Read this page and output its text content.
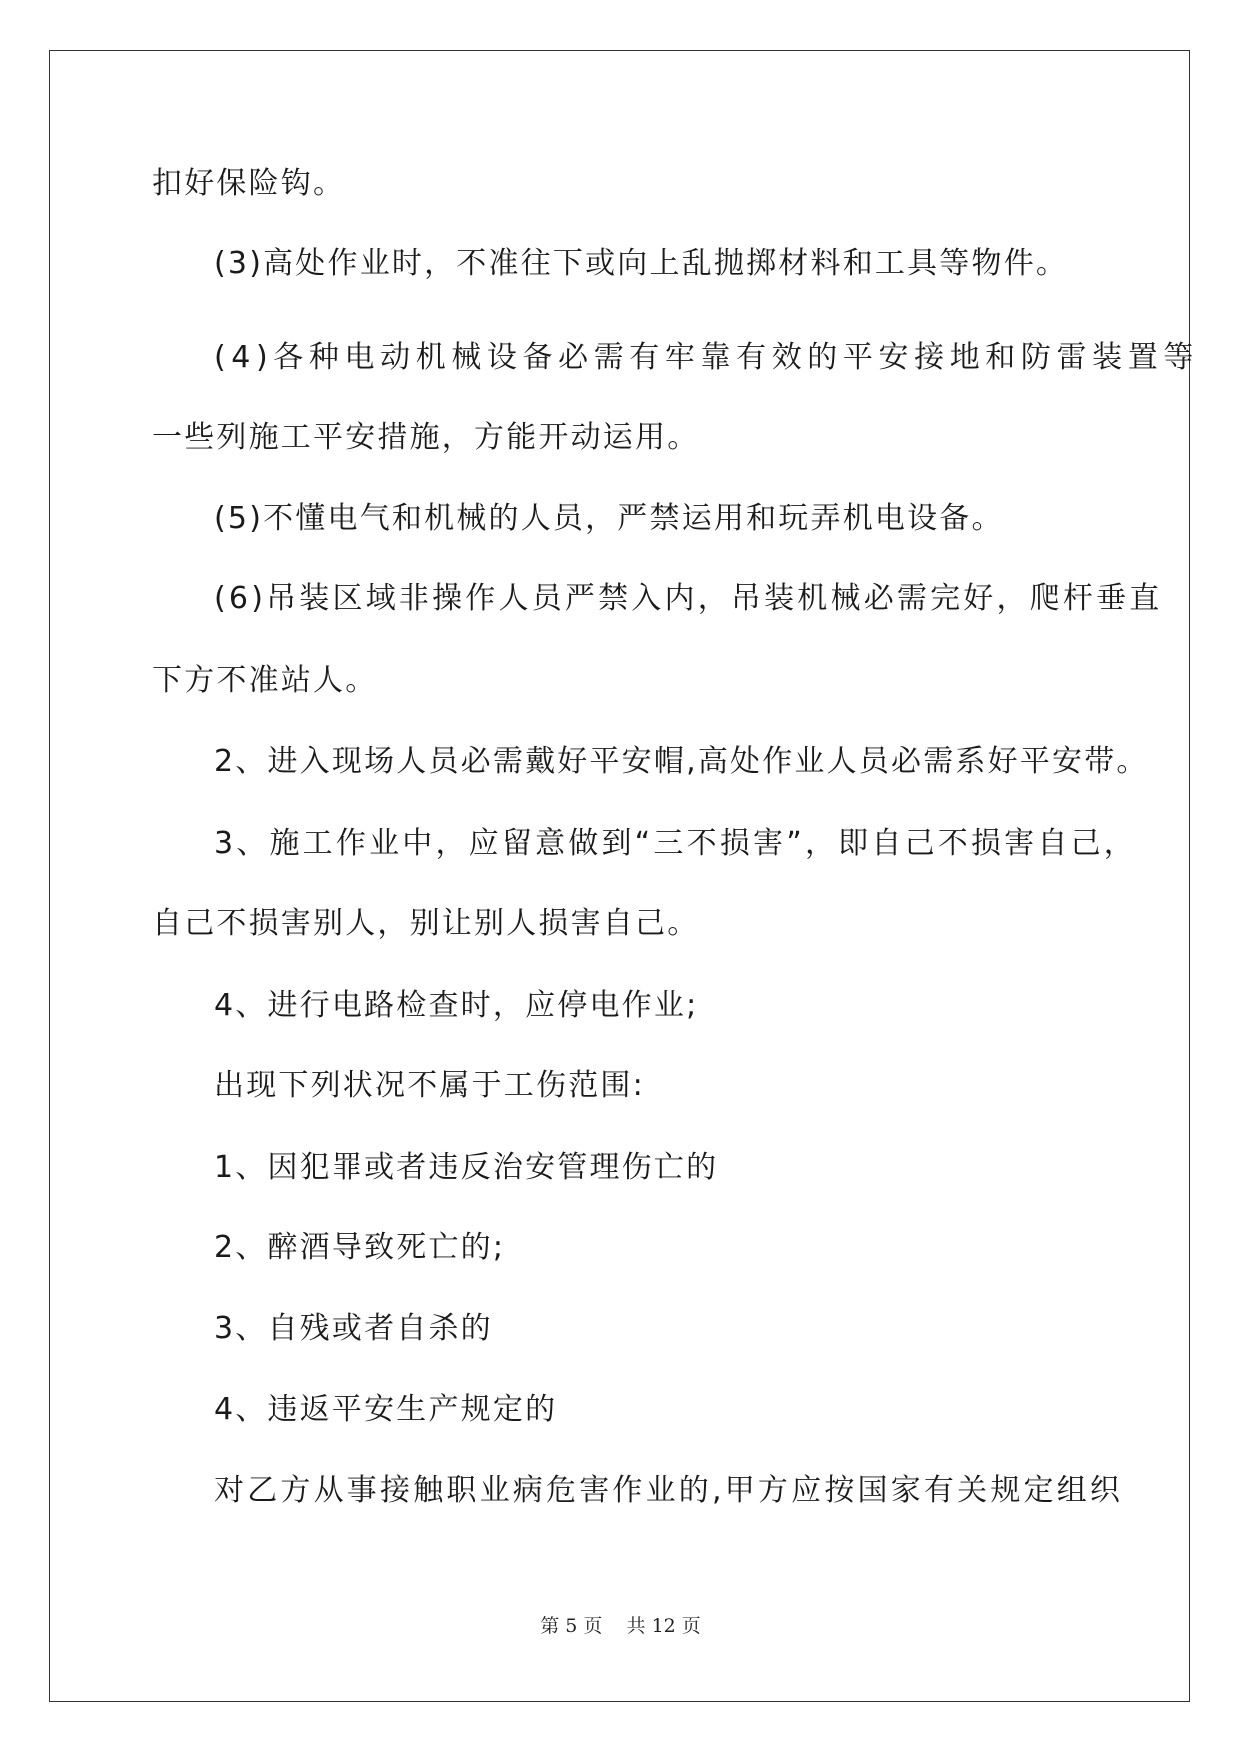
扣好保险钩。
(3)高处作业时，不准往下或向上乱抛掷材料和工具等物件。
(4)各种电动机械设备必需有牢靠有效的平安接地和防雷装置等
一些列施工平安措施，方能开动运用。
(5)不懂电气和机械的人员，严禁运用和玩弄机电设备。
(6)吊装区域非操作人员严禁入内，吊装机械必需完好，爬杆垂直
下方不准站人。
2、进入现场人员必需戴好平安帽,高处作业人员必需系好平安带。
3、施工作业中，应留意做到“三不损害”，即自己不损害自己，
自己不损害别人，别让别人损害自己。
4、进行电路检查时，应停电作业;
出现下列状况不属于工伤范围:
1、因犯罪或者违反治安管理伤亡的
2、醉酒导致死亡的;
3、自残或者自杀的
4、违返平安生产规定的
对乙方从事接触职业病危害作业的,甲方应按国家有关规定组织
第 5 页    共 12 页
